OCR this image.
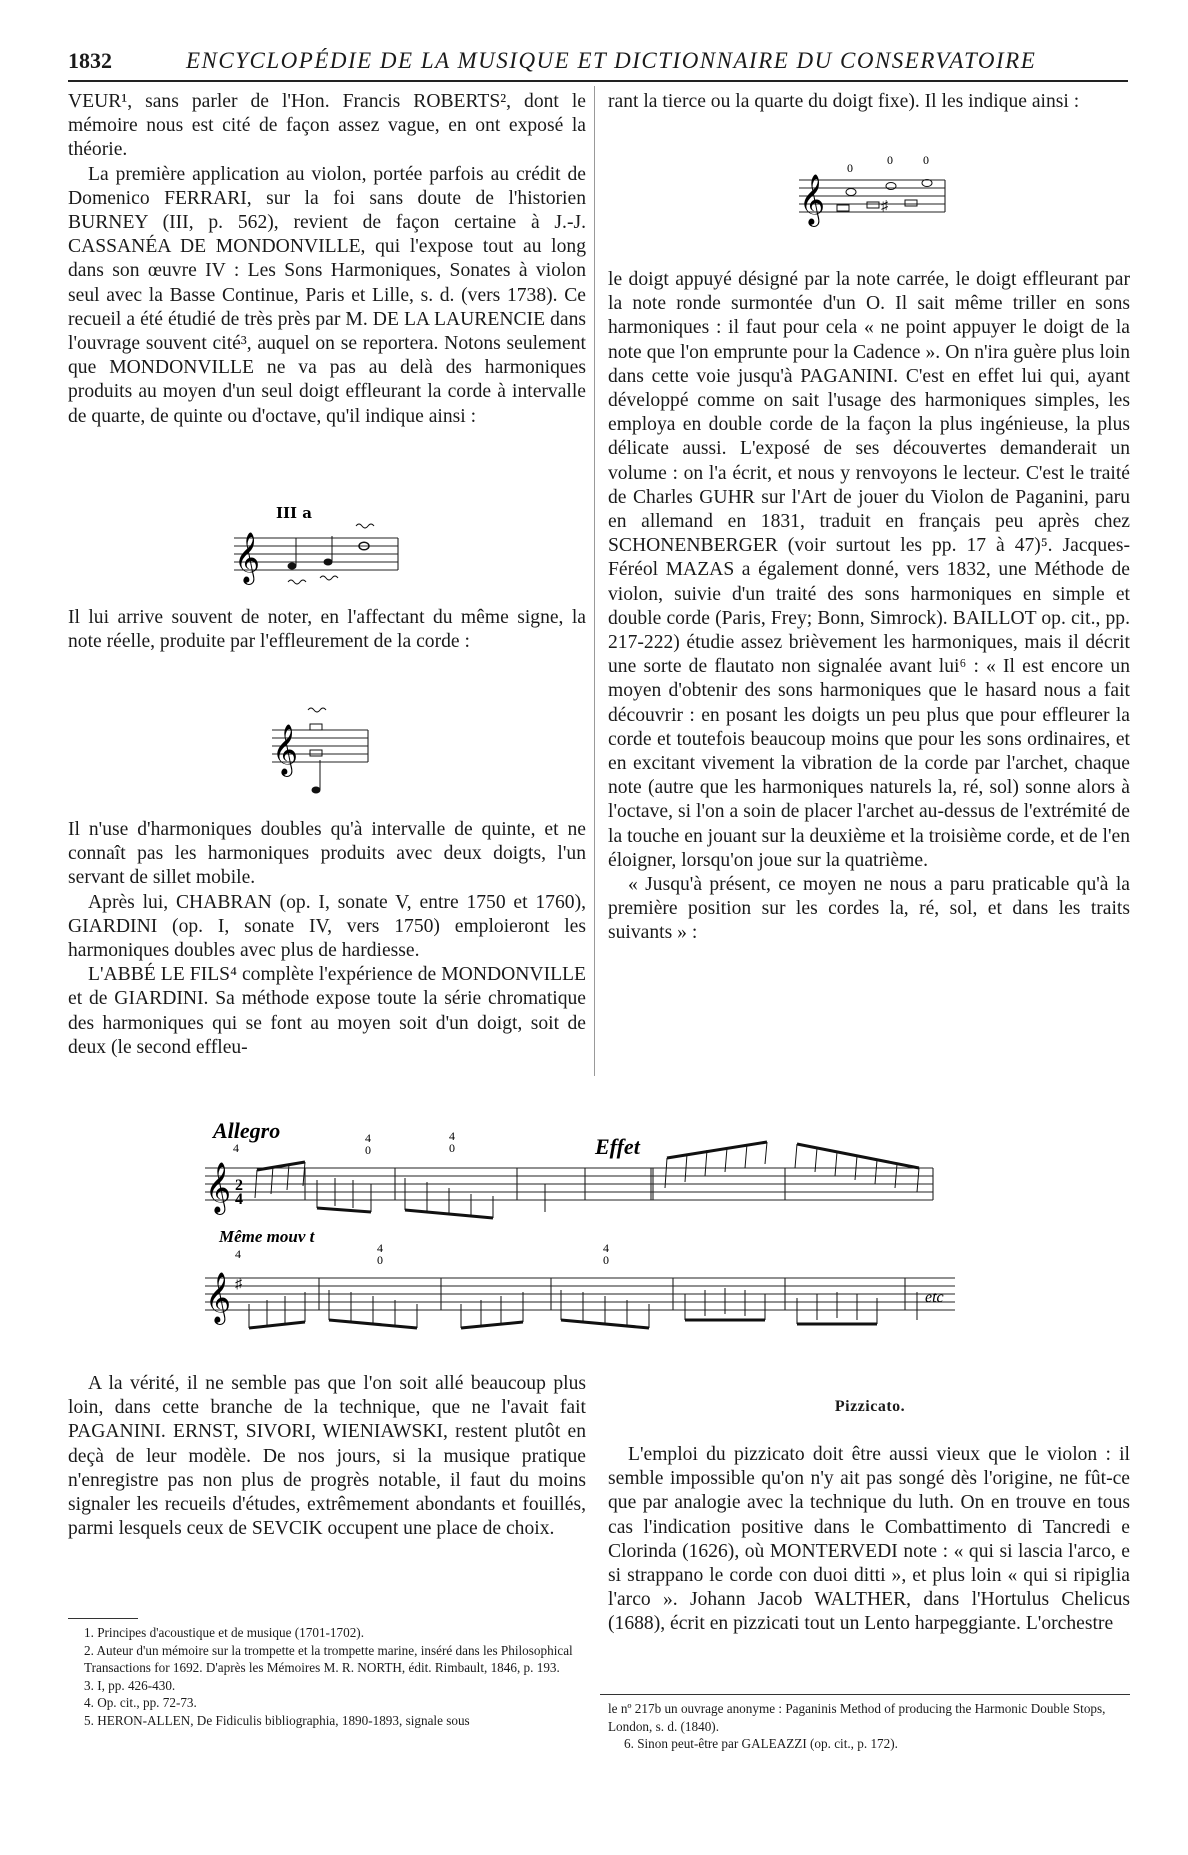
1832	ENCYCLOPÉDIE DE LA MUSIQUE ET DICTIONNAIRE DU CONSERVATOIRE

VEUR¹, sans parler de l'Hon. Francis ROBERTS², dont le mémoire nous est cité de façon assez vague, en ont exposé la théorie.

La première application au violon, portée parfois au crédit de Domenico FERRARI, sur la foi sans doute de l'historien BURNEY (III, p. 562), revient de façon certaine à J.-J. CASSANÉA DE MONDONVILLE, qui l'expose tout au long dans son œuvre IV : Les Sons Harmoniques, Sonates à violon seul avec la Basse Continue, Paris et Lille, s. d. (vers 1738). Ce recueil a été étudié de très près par M. DE LA LAURENCIE dans l'ouvrage souvent cité³, auquel on se reportera. Notons seulement que MONDONVILLE ne va pas au delà des harmoniques produits au moyen d'un seul doigt effleurant la corde à intervalle de quarte, de quinte ou d'octave, qu'il indique ainsi :

III a
𝄞

Il lui arrive souvent de noter, en l'affectant du même signe, la note réelle, produite par l'effleurement de la corde :

𝄞

Il n'use d'harmoniques doubles qu'à intervalle de quinte, et ne connaît pas les harmoniques produits avec deux doigts, l'un servant de sillet mobile.

Après lui, CHABRAN (op. I, sonate V, entre 1750 et 1760), GIARDINI (op. I, sonate IV, vers 1750) emploieront les harmoniques doubles avec plus de hardiesse.

L'ABBÉ LE FILS⁴ complète l'expérience de MONDONVILLE et de GIARDINI. Sa méthode expose toute la série chromatique des harmoniques qui se font au moyen soit d'un doigt, soit de deux (le second effleu-

rant la tierce ou la quarte du doigt fixe). Il les indique ainsi :

𝄞
0
0	0
♯

le doigt appuyé désigné par la note carrée, le doigt effleurant par la note ronde surmontée d'un O. Il sait même triller en sons harmoniques : il faut pour cela « ne point appuyer le doigt de la note que l'on emprunte pour la Cadence ». On n'ira guère plus loin dans cette voie jusqu'à PAGANINI. C'est en effet lui qui, ayant développé comme on sait l'usage des harmoniques simples, les employa en double corde de la façon la plus ingénieuse, la plus délicate aussi. L'exposé de ses découvertes demanderait un volume : on l'a écrit, et nous y renvoyons le lecteur. C'est le traité de Charles GUHR sur l'Art de jouer du Violon de Paganini, paru en allemand en 1831, traduit en français peu après chez SCHONENBERGER (voir surtout les pp. 17 à 47)⁵. Jacques-Féréol MAZAS a également donné, vers 1832, une Méthode de violon, suivie d'un traité des sons harmoniques en simple et double corde (Paris, Frey; Bonn, Simrock). BAILLOT op. cit., pp. 217-222) étudie assez brièvement les harmoniques, mais il décrit une sorte de flautato non signalée avant lui⁶ : « Il est encore un moyen d'obtenir des sons harmoniques que le hasard nous a fait découvrir : en posant les doigts un peu plus que pour effleurer la corde et toutefois beaucoup moins que pour les sons ordinaires, et en excitant vivement la vibration de la corde par l'archet, chaque note (autre que les harmoniques naturels la, ré, sol) sonne alors à l'octave, si l'on a soin de placer l'archet au-dessus de l'extrémité de la touche en jouant sur la deuxième et la troisième corde, et de l'en éloigner, lorsqu'on joue sur la quatrième.

« Jusqu'à présent, ce moyen ne nous a paru praticable qu'à la première position sur les cordes la, ré, sol, et dans les traits suivants » :

Allegro
Effet
4
4
0
4
0
𝄞 2
4
Même mouv t
4	4
0
4
0
𝄞 ♯
etc

A la vérité, il ne semble pas que l'on soit allé beaucoup plus loin, dans cette branche de la technique, que ne l'avait fait PAGANINI. ERNST, SIVORI, WIENIAWSKI, restent plutôt en deçà de leur modèle. De nos jours, si la musique pratique n'enregistre pas non plus de progrès notable, il faut du moins signaler les recueils d'études, extrêmement abondants et fouillés, parmi lesquels ceux de SEVCIK occupent une place de choix.

Pizzicato.

L'emploi du pizzicato doit être aussi vieux que le violon : il semble impossible qu'on n'y ait pas songé dès l'origine, ne fût-ce que par analogie avec la technique du luth. On en trouve en tous cas l'indication positive dans le Combattimento di Tancredi e Clorinda (1626), où MONTERVEDI note : « qui si lascia l'arco, e si strappano le corde con duoi ditti », et plus loin « qui si ripiglia l'arco ». Johann Jacob WALTHER, dans l'Hortulus Chelicus (1688), écrit en pizzicati tout un Lento harpeggiante. L'orchestre

1. Principes d'acoustique et de musique (1701-1702).

2. Auteur d'un mémoire sur la trompette et la trompette marine, inséré dans les Philosophical Transactions for 1692. D'après les Mémoires M. R. NORTH, édit. Rimbault, 1846, p. 193.

3. I, pp. 426-430.

4. Op. cit., pp. 72-73.

5. HERON-ALLEN, De Fidiculis bibliographia, 1890-1893, signale sous

le nº 217b un ouvrage anonyme : Paganinis Method of producing the Harmonic Double Stops, London, s. d. (1840).

6. Sinon peut-être par GALEAZZI (op. cit., p. 172).
